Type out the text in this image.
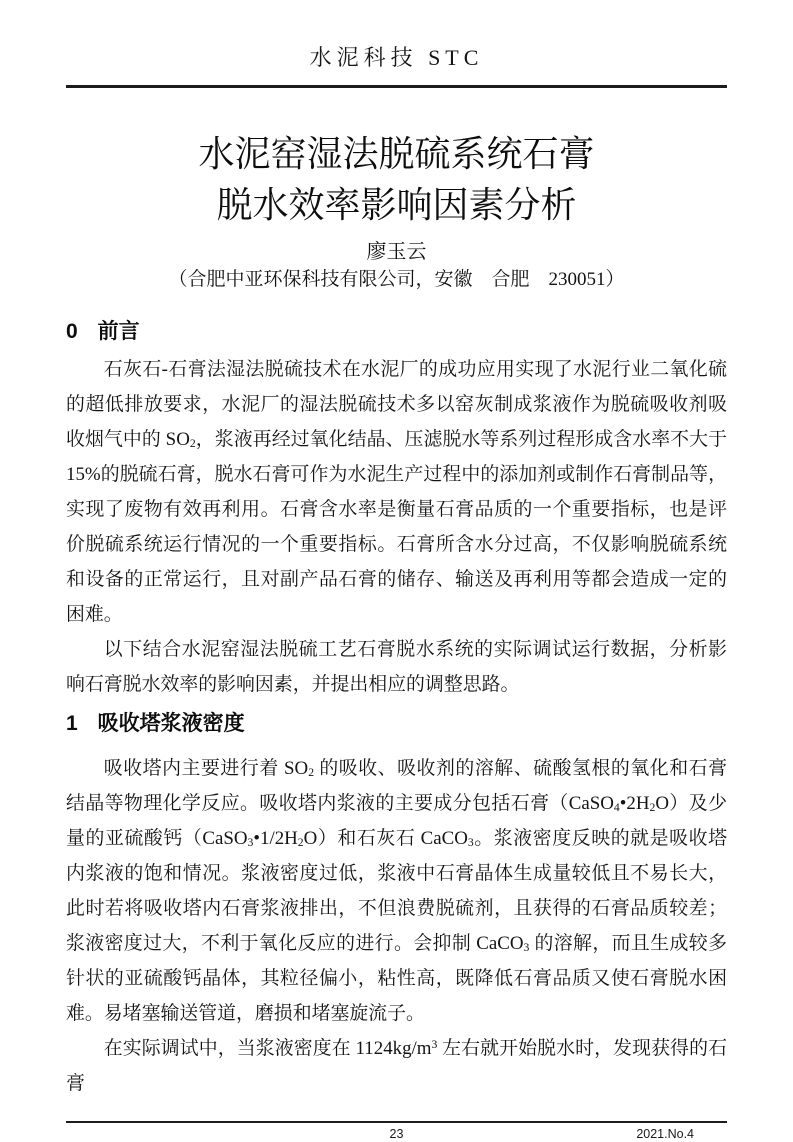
水泥科技 STC
水泥窑湿法脱硫系统石膏
脱水效率影响因素分析
廖玉云
（合肥中亚环保科技有限公司，安徽　合肥　230051）
0 前言

石灰石-石膏法湿法脱硫技术在水泥厂的成功应用实现了水泥行业二氧化硫的超低排放要求，水泥厂的湿法脱硫技术多以窑灰制成浆液作为脱硫吸收剂吸收烟气中的 $SO_2$，浆液再经过氧化结晶、压滤脱水等系列过程形成含水率不大于 15%的脱硫石膏，脱水石膏可作为水泥生产过程中的添加剂或制作石膏制品等，实现了废物有效再利用。石膏含水率是衡量石膏品质的一个重要指标，也是评价脱硫系统运行情况的一个重要指标。石膏所含水分过高，不仅影响脱硫系统和设备的正常运行，且对副产品石膏的储存、输送及再利用等都会造成一定的困难。

以下结合水泥窑湿法脱硫工艺石膏脱水系统的实际调试运行数据，分析影响石膏脱水效率的影响因素，并提出相应的调整思路。

1 吸收塔浆液密度

吸收塔内主要进行着 $SO_2$ 的吸收、吸收剂的溶解、硫酸氢根的氧化和石膏结晶等物理化学反应。吸收塔内浆液的主要成分包括石膏$(CaSO_4•2H_2O)$及少量的亚硫酸钙$(CaSO_3•1/2H_2O)$和石灰石 CaCO$_3$。浆液密度反映的就是吸收塔内浆液的饱和情况。浆液密度过低，浆液中石膏晶体生成量较低且不易长大，此时若将吸收塔内石膏浆液排出，不但浪费脱硫剂，且获得的石膏品质较差；浆液密度过大，不利于氧化反应的进行。会抑制 CaCO$_3$ 的溶解，而且生成较多针状的亚硫酸钙晶体，其粒径偏小，粘性高，既降低石膏品质又使石膏脱水困难。易堵塞输送管道，磨损和堵塞旋流子。

在实际调试中，当浆液密度在 $1124kg/m^3$ 左右就开始脱水时，发现获得的石膏

23	2021.No.4
